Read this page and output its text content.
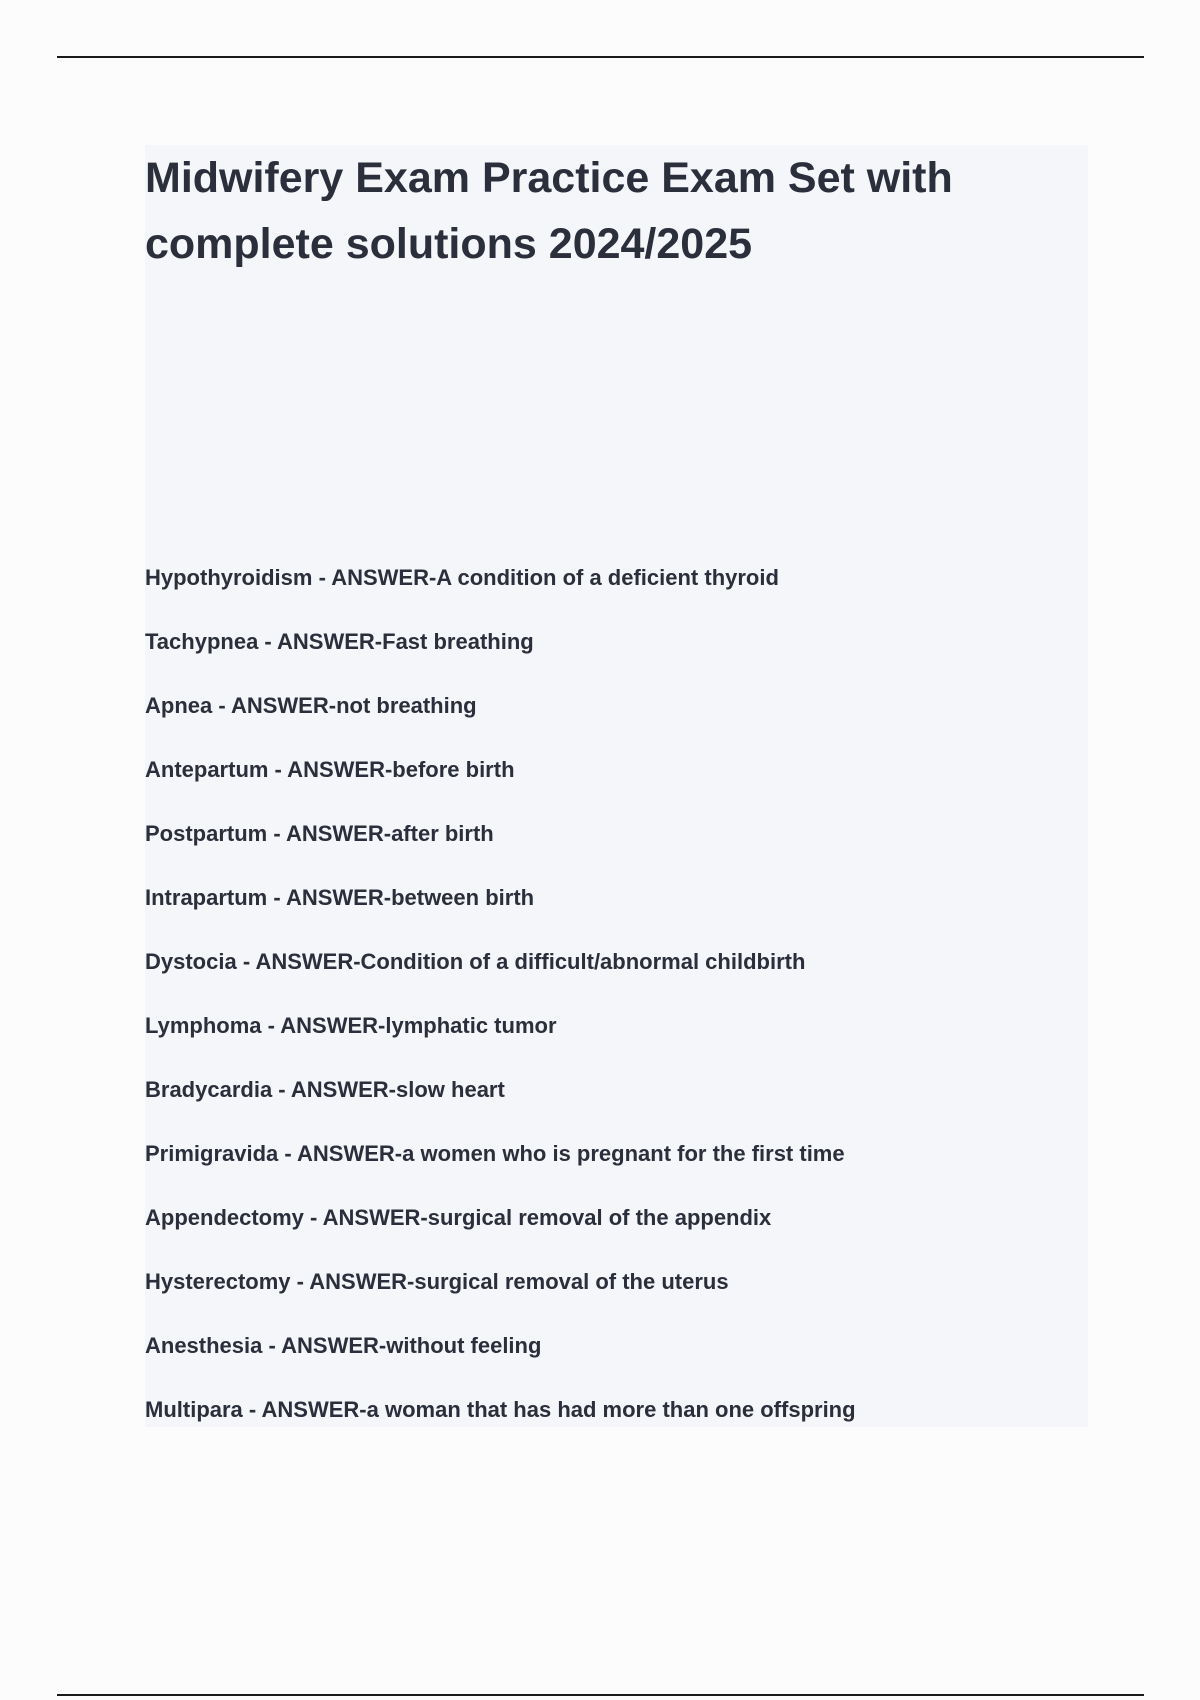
Midwifery Exam Practice Exam Set with complete solutions 2024/2025
Hypothyroidism - ANSWER-A condition of a deficient thyroid
Tachypnea - ANSWER-Fast breathing
Apnea - ANSWER-not breathing
Antepartum - ANSWER-before birth
Postpartum - ANSWER-after birth
Intrapartum - ANSWER-between birth
Dystocia - ANSWER-Condition of a difficult/abnormal childbirth
Lymphoma - ANSWER-lymphatic tumor
Bradycardia - ANSWER-slow heart
Primigravida - ANSWER-a women who is pregnant for the first time
Appendectomy - ANSWER-surgical removal of the appendix
Hysterectomy - ANSWER-surgical removal of the uterus
Anesthesia - ANSWER-without feeling
Multipara - ANSWER-a woman that has had more than one offspring
